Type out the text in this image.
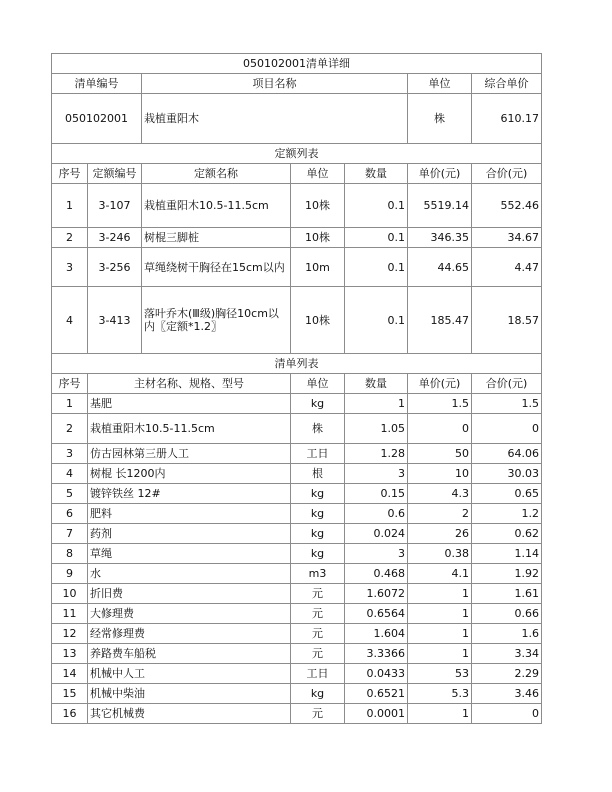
050102001清单详细						
清单编号		项目名称			单位	综合单价
050102001		栽植重阳木			株	610.17
定额列表						
序号	定额编号	定额名称	单位	数量	单价(元)	合价(元)
1	3-107	栽植重阳木10.5-11.5cm	10株	0.1	5519.14	552.46
2	3-246	树棍三脚桩	10株	0.1	346.35	34.67
3	3-256	草绳绕树干胸径在15cm以内	10m	0.1	44.65	4.47
4	3-413	落叶乔木(Ⅲ级)胸径10cm以内〖定额*1.2〗	10株	0.1	185.47	18.57
清单列表						
序号	主材名称、规格、型号		单位	数量	单价(元)	合价(元)
1	基肥		kg	1	1.5	1.5
2	栽植重阳木10.5-11.5cm		株	1.05	0	0
3	仿古园林第三册人工		工日	1.28	50	64.06
4	树棍 长1200内		根	3	10	30.03
5	镀锌铁丝 12#		kg	0.15	4.3	0.65
6	肥料		kg	0.6	2	1.2
7	药剂		kg	0.024	26	0.62
8	草绳		kg	3	0.38	1.14
9	水		m3	0.468	4.1	1.92
10	折旧费		元	1.6072	1	1.61
11	大修理费		元	0.6564	1	0.66
12	经常修理费		元	1.604	1	1.6
13	养路费车船税		元	3.3366	1	3.34
14	机械中人工		工日	0.0433	53	2.29
15	机械中柴油		kg	0.6521	5.3	3.46
16	其它机械费		元	0.0001	1	0
